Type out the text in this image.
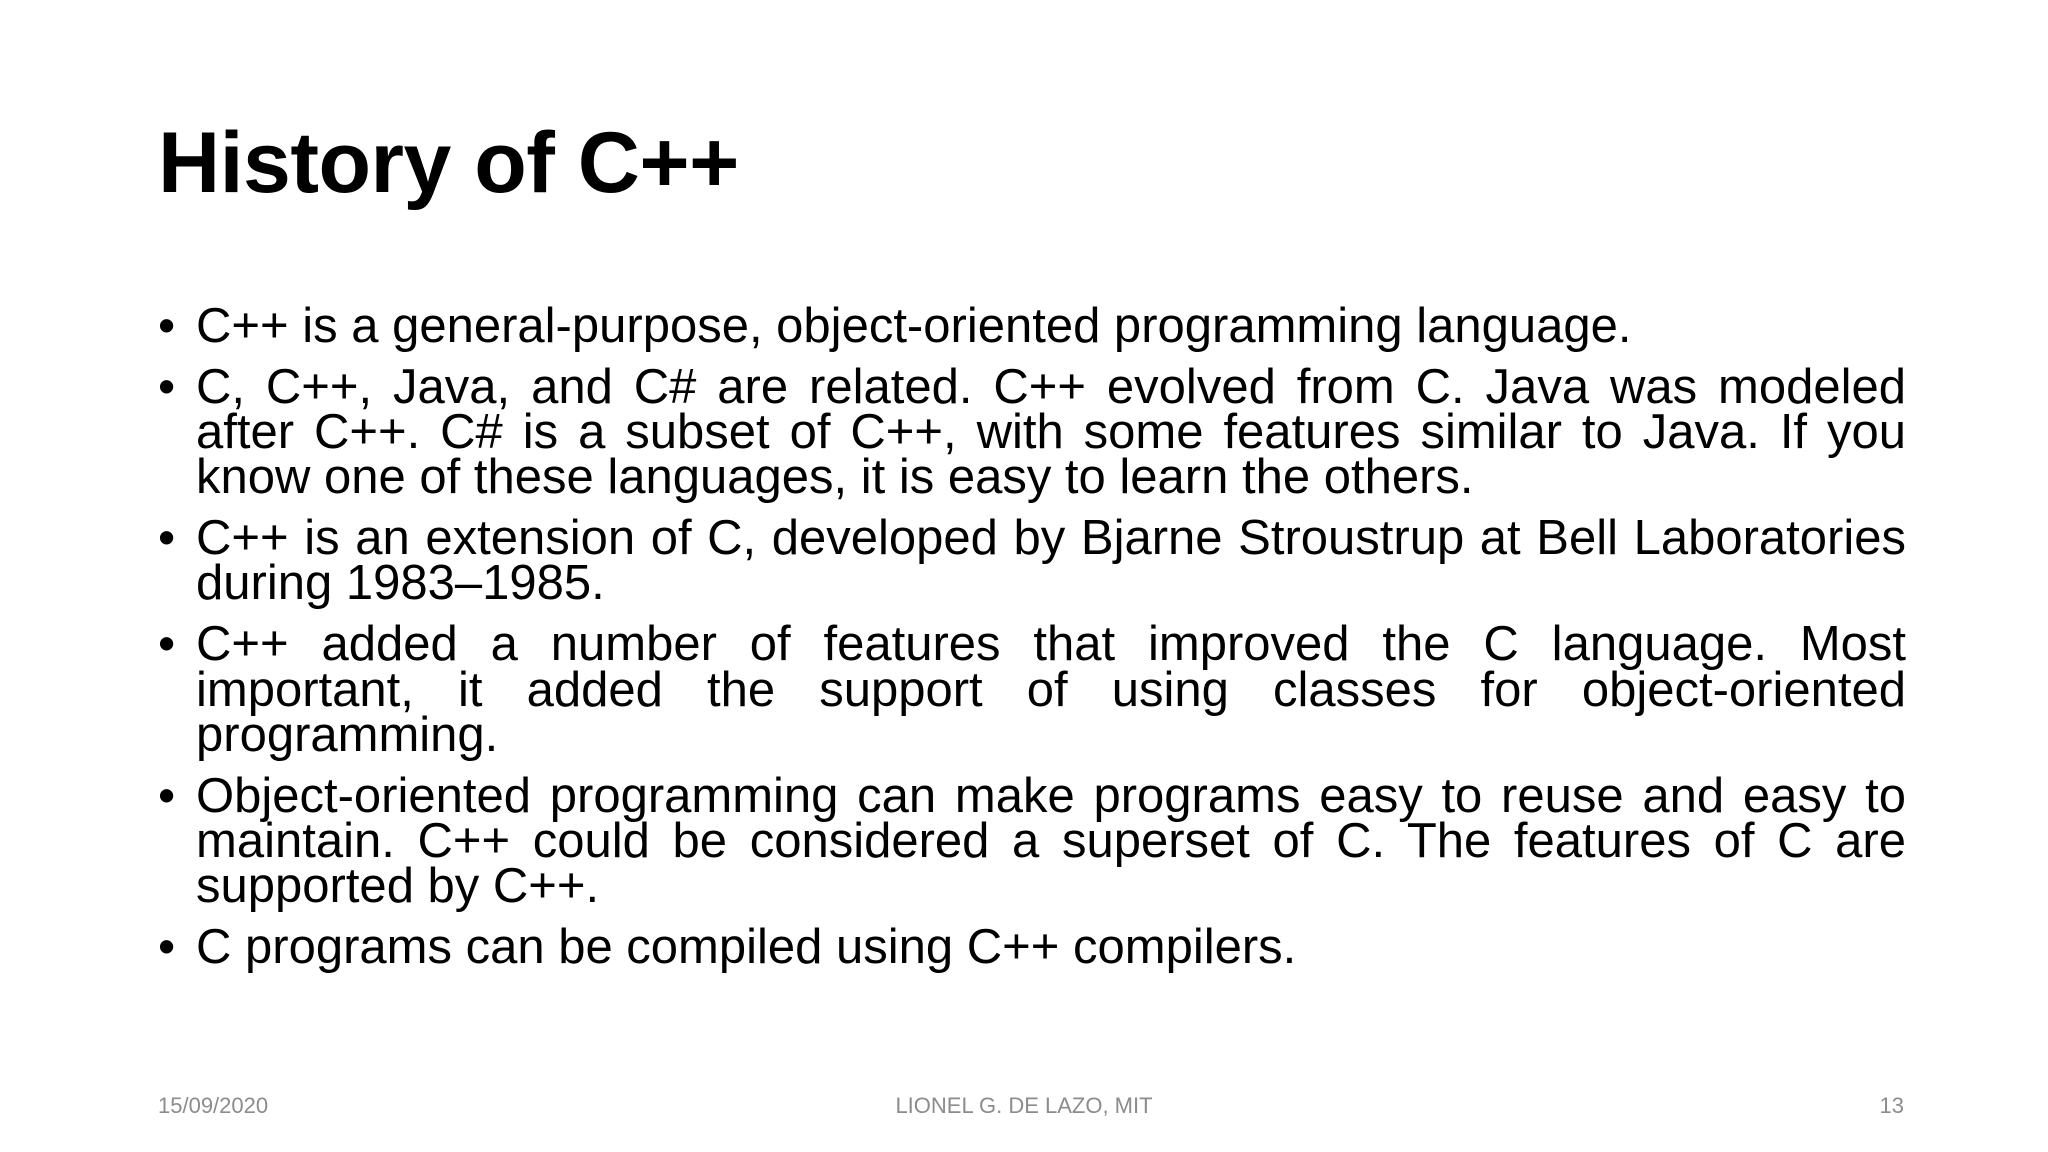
History of C++
• C++ is a general-purpose, object-oriented programming language.
• C, C++, Java, and C# are related. C++ evolved from C. Java was modeled after C++. C# is a subset of C++, with some features similar to Java. If you know one of these languages, it is easy to learn the others.
• C++ is an extension of C, developed by Bjarne Stroustrup at Bell Laboratories during 1983–1985.
• C++ added a number of features that improved the C language. Most important, it added the support of using classes for object-oriented programming.
• Object-oriented programming can make programs easy to reuse and easy to maintain. C++ could be considered a superset of C. The features of C are supported by C++.
• C programs can be compiled using C++ compilers.
15/09/2020	LIONEL G. DE LAZO, MIT	13
